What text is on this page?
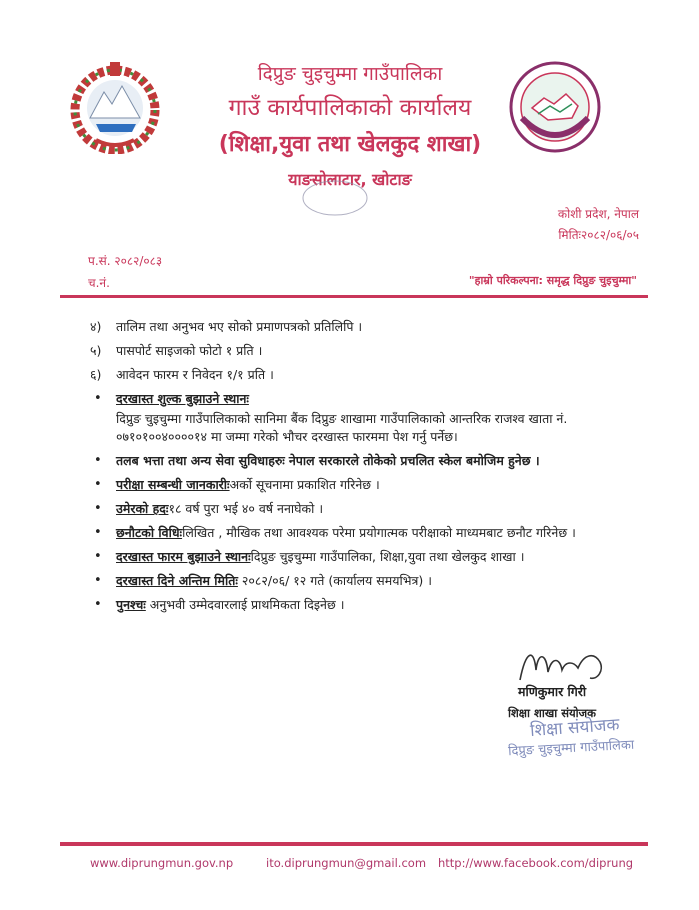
दिप्रुङ चुइचुम्मा गाउँपालिका
गाउँ कार्यपालिकाको कार्यालय
(शिक्षा,युवा तथा खेलकुद शाखा)
याङसोलाटार, खोटाङ
कोशी प्रदेश, नेपाल
मितिः२०८२/०६/०५
प.सं. २०८२/०८३
च.नं.	"हाम्रो परिकल्पना: समृद्ध दिप्रुङ चुइचुम्मा"
४) तालिम तथा अनुभव भए सोको प्रमाणपत्रको प्रतिलिपि ।
५) पासपोर्ट साइजको फोटो १ प्रति ।
६) आवेदन फारम र निवेदन १/१ प्रति ।
• दरखास्त शुल्क बुझाउने स्थानः
दिप्रुङ चुइचुम्मा गाउँपालिकाको सानिमा बैंक दिप्रुङ शाखामा गाउँपालिकाको आन्तरिक राजश्व खाता नं. ०७१०१००४००००१४ मा जम्मा गरेको भौचर दरखास्त फारममा पेश गर्नु पर्नेछ।
• तलब भत्ता तथा अन्य सेवा सुविधाहरुः नेपाल सरकारले तोकेको प्रचलित स्केल बमोजिम हुनेछ ।
• परीक्षा सम्बन्धी जानकारीःअर्को सूचनामा प्रकाशित गरिनेछ ।
• उमेरको हदः१८ वर्ष पुरा भई ४० वर्ष ननाघेको ।
• छनौटको विधिःलिखित , मौखिक तथा आवश्यक परेमा प्रयोगात्मक परीक्षाको माध्यमबाट छनौट गरिनेछ ।
• दरखास्त फारम बुझाउने स्थानःदिप्रुङ चुइचुम्मा गाउँपालिका, शिक्षा,युवा तथा खेलकुद शाखा ।
• दरखास्त दिने अन्तिम मितिः २०८२/०६/ १२ गते (कार्यालय समयभित्र) ।
• पुनश्चः अनुभवी उम्मेदवारलाई प्राथमिकता दिइनेछ ।
मणिकुमार गिरी
शिक्षा शाखा संयोजक
शिक्षा संयोजक
दिप्रुङ चुइचुम्मा गाउँपालिका
www.diprungmun.gov.np	ito.diprungmun@gmail.com http://www.facebook.com/diprung
